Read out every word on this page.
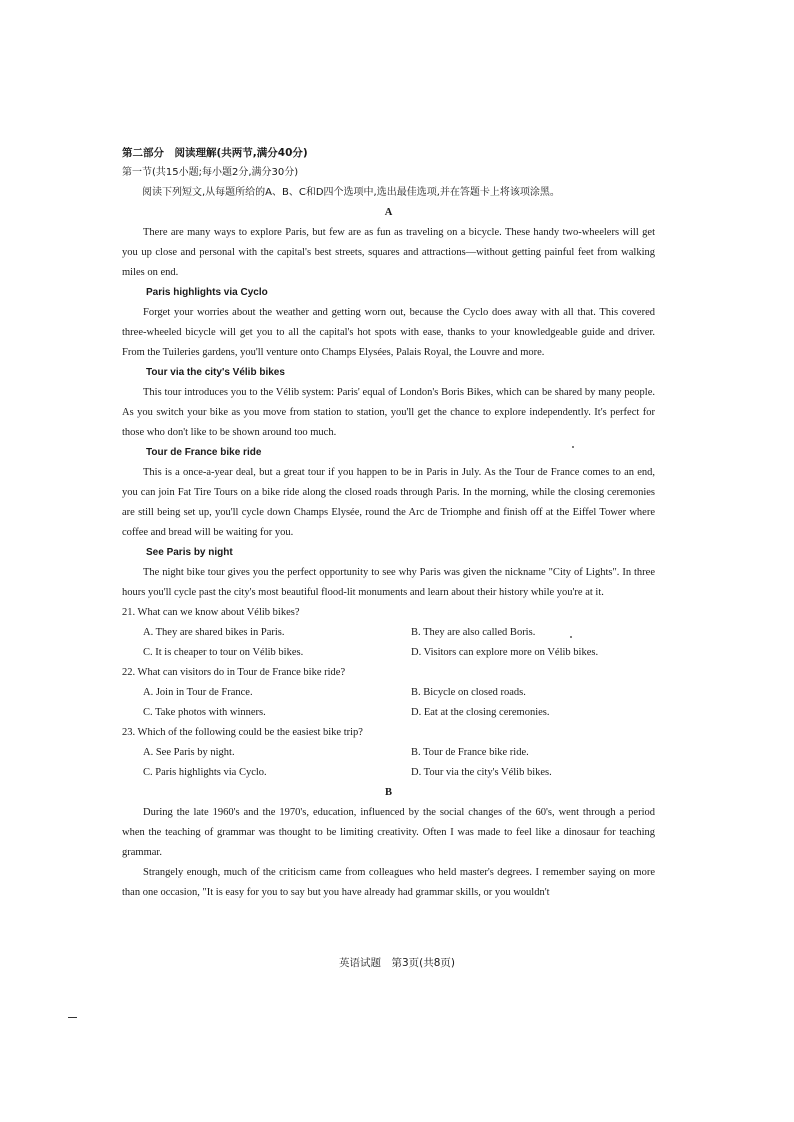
第二部分　阅读理解(共两节,满分40分)
第一节(共15小题;每小题2分,满分30分)
阅读下列短文,从每题所给的A、B、C和D四个选项中,选出最佳选项,并在答题卡上将该项涂黑。
A

There are many ways to explore Paris, but few are as fun as traveling on a bicycle. These handy two-wheelers will get you up close and personal with the capital's best streets, squares and attractions—without getting painful feet from walking miles on end.

Paris highlights via Cyclo

Forget your worries about the weather and getting worn out, because the Cyclo does away with all that. This covered three-wheeled bicycle will get you to all the capital's hot spots with ease, thanks to your knowledgeable guide and driver. From the Tuileries gardens, you'll venture onto Champs Elysées, Palais Royal, the Louvre and more.

Tour via the city's Vélib bikes

This tour introduces you to the Vélib system: Paris' equal of London's Boris Bikes, which can be shared by many people. As you switch your bike as you move from station to station, you'll get the chance to explore independently. It's perfect for those who don't like to be shown around too much.

Tour de France bike ride

This is a once-a-year deal, but a great tour if you happen to be in Paris in July. As the Tour de France comes to an end, you can join Fat Tire Tours on a bike ride along the closed roads through Paris. In the morning, while the closing ceremonies are still being set up, you'll cycle down Champs Elysée, round the Arc de Triomphe and finish off at the Eiffel Tower where coffee and bread will be waiting for you.

See Paris by night

The night bike tour gives you the perfect opportunity to see why Paris was given the nickname "City of Lights". In three hours you'll cycle past the city's most beautiful flood-lit monuments and learn about their history while you're at it.

21. What can we know about Vélib bikes?
A. They are shared bikes in Paris.	B. They are also called Boris.
C. It is cheaper to tour on Vélib bikes.	D. Visitors can explore more on Vélib bikes.
22. What can visitors do in Tour de France bike ride?
A. Join in Tour de France.	B. Bicycle on closed roads.
C. Take photos with winners.	D. Eat at the closing ceremonies.
23. Which of the following could be the easiest bike trip?
A. See Paris by night.	B. Tour de France bike ride.
C. Paris highlights via Cyclo.	D. Tour via the city's Vélib bikes.
B

During the late 1960's and the 1970's, education, influenced by the social changes of the 60's, went through a period when the teaching of grammar was thought to be limiting creativity. Often I was made to feel like a dinosaur for teaching grammar.

Strangely enough, much of the criticism came from colleagues who held master's degrees. I remember saying on more than one occasion, "It is easy for you to say but you have already had grammar skills, or you wouldn't

英语试题　第3页(共8页)
